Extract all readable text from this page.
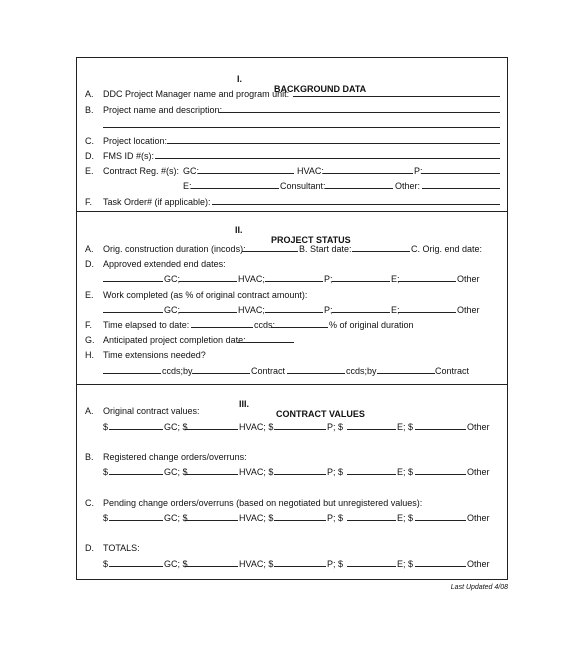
I.

BACKGROUND DATA

A.	DDC Project Manager name and program unit:
B.	Project name and description:
C.	Project location:
D.	FMS ID #(s):
E.	Contract Reg. #(s): GC:	HVAC:	P:
E:	Consultant:	Other:
F.	Task Order# (if applicable):

II.

PROJECT STATUS

A.	Orig. construction duration (incods):	B. Start date:	C. Orig. end date:
D.	Approved extended end dates:
GC;	HVAC;	P;	E;	Other
E.	Work completed (as % of original contract amount):
GC;	HVAC;	P;	E;	Other
F.	Time elapsed to date:	ccds:	% of original duration
G. Anticipated project completion date:
H.	Time extensions needed?
ccds;by	Contract	ccds;by	Contract

III.

CONTRACT VALUES

A.	Original contract values:
$	GC; $	HVAC; $	P; $	E; $	Other
B.	Registered change orders/overruns:
$	GC; $	HVAC; $	P; $	E; $	Other
C.	Pending change orders/overruns (based on negotiated but unregistered values):
$	GC; $	HVAC; $	P; $	E; $	Other
D.	TOTALS:
$	GC; $	HVAC; $	P; $	E; $	Other
Last Updated 4/08
